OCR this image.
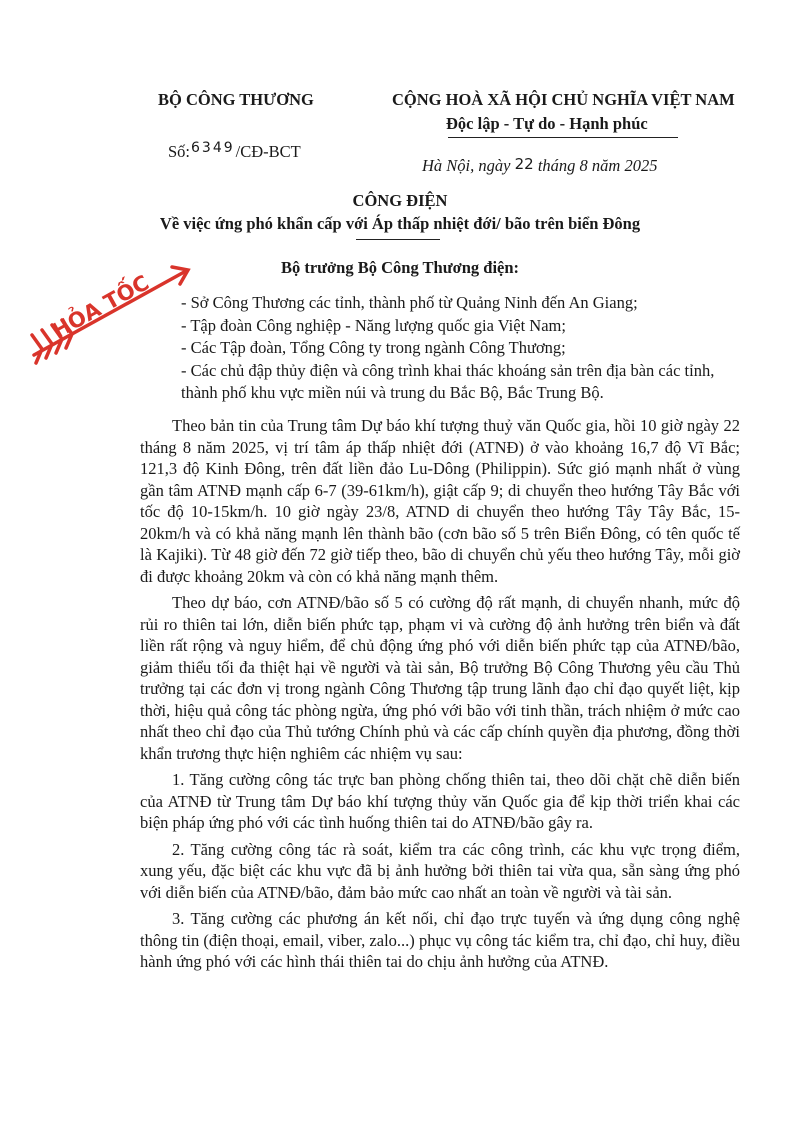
BỘ CÔNG THƯƠNG	CỘNG HOÀ XÃ HỘI CHỦ NGHĨA VIỆT NAM
Độc lập - Tự do - Hạnh phúc
Số:$^{6349}$/CĐ-BCT
Hà Nội, ngày 22 tháng 8 năm 2025
CÔNG ĐIỆN
Về việc ứng phó khẩn cấp với Áp thấp nhiệt đới/ bão trên biển Đông
HỎA TỐC
Bộ trưởng Bộ Công Thương điện:
- Sở Công Thương các tỉnh, thành phố từ Quảng Ninh đến An Giang;
- Tập đoàn Công nghiệp - Năng lượng quốc gia Việt Nam;
- Các Tập đoàn, Tổng Công ty trong ngành Công Thương;
- Các chủ đập thủy điện và công trình khai thác khoáng sản trên địa bàn các tỉnh, thành phố khu vực miền núi và trung du Bắc Bộ, Bắc Trung Bộ.

Theo bản tin của Trung tâm Dự báo khí tượng thuỷ văn Quốc gia, hồi 10 giờ ngày 22 tháng 8 năm 2025, vị trí tâm áp thấp nhiệt đới (ATNĐ) ở vào khoảng 16,7 độ Vĩ Bắc; 121,3 độ Kinh Đông, trên đất liền đảo Lu-Dông (Philippin). Sức gió mạnh nhất ở vùng gần tâm ATNĐ mạnh cấp 6-7 (39-61km/h), giật cấp 9; di chuyển theo hướng Tây Bắc với tốc độ 10-15km/h. 10 giờ ngày 23/8, ATND di chuyển theo hướng Tây Tây Bắc, 15-20km/h và có khả năng mạnh lên thành bão (cơn bão số 5 trên Biển Đông, có tên quốc tế là Kajiki). Từ 48 giờ đến 72 giờ tiếp theo, bão di chuyển chủ yếu theo hướng Tây, mỗi giờ đi được khoảng 20km và còn có khả năng mạnh thêm.

Theo dự báo, cơn ATNĐ/bão số 5 có cường độ rất mạnh, di chuyển nhanh, mức độ rủi ro thiên tai lớn, diễn biến phức tạp, phạm vi và cường độ ảnh hưởng trên biển và đất liền rất rộng và nguy hiểm, để chủ động ứng phó với diễn biến phức tạp của ATNĐ/bão, giảm thiểu tối đa thiệt hại về người và tài sản, Bộ trưởng Bộ Công Thương yêu cầu Thủ trưởng tại các đơn vị trong ngành Công Thương tập trung lãnh đạo chỉ đạo quyết liệt, kịp thời, hiệu quả công tác phòng ngừa, ứng phó với bão với tinh thần, trách nhiệm ở mức cao nhất theo chỉ đạo của Thủ tướng Chính phủ và các cấp chính quyền địa phương, đồng thời khẩn trương thực hiện nghiêm các nhiệm vụ sau:

1. Tăng cường công tác trực ban phòng chống thiên tai, theo dõi chặt chẽ diễn biến của ATNĐ từ Trung tâm Dự báo khí tượng thủy văn Quốc gia để kịp thời triển khai các biện pháp ứng phó với các tình huống thiên tai do ATNĐ/bão gây ra.

2. Tăng cường công tác rà soát, kiểm tra các công trình, các khu vực trọng điểm, xung yếu, đặc biệt các khu vực đã bị ảnh hưởng bởi thiên tai vừa qua, sẵn sàng ứng phó với diễn biến của ATNĐ/bão, đảm bảo mức cao nhất an toàn về người và tài sản.

3. Tăng cường các phương án kết nối, chỉ đạo trực tuyến và ứng dụng công nghệ thông tin (điện thoại, email, viber, zalo...) phục vụ công tác kiểm tra, chỉ đạo, chỉ huy, điều hành ứng phó với các hình thái thiên tai do chịu ảnh hưởng của ATNĐ.
